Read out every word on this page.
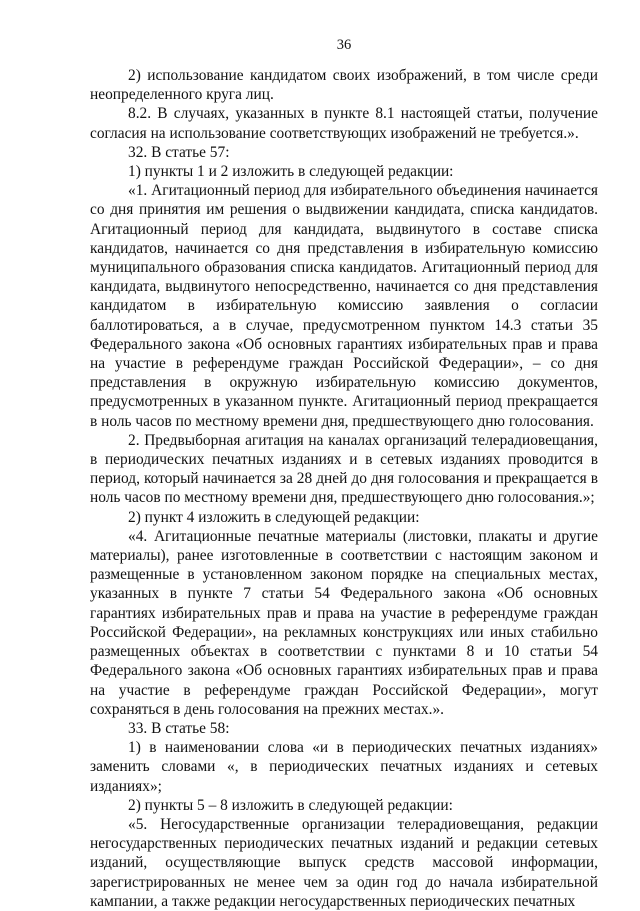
36

2) использование кандидатом своих изображений, в том числе среди неопределенного круга лиц.

8.2. В случаях, указанных в пункте 8.1 настоящей статьи, получение согласия на использование соответствующих изображений не требуется.».

32. В статье 57:

1) пункты 1 и 2 изложить в следующей редакции:

«1. Агитационный период для избирательного объединения начинается со дня принятия им решения о выдвижении кандидата, списка кандидатов. Агитационный период для кандидата, выдвинутого в составе списка кандидатов, начинается со дня представления в избирательную комиссию муниципального образования списка кандидатов. Агитационный период для кандидата, выдвинутого непосредственно, начинается со дня представления кандидатом в избирательную комиссию заявления о согласии баллотироваться, а в случае, предусмотренном пунктом 14.3 статьи 35 Федерального закона «Об основных гарантиях избирательных прав и права на участие в референдуме граждан Российской Федерации», – со дня представления в окружную избирательную комиссию документов, предусмотренных в указанном пункте. Агитационный период прекращается в ноль часов по местному времени дня, предшествующего дню голосования.

2. Предвыборная агитация на каналах организаций телерадиовещания, в периодических печатных изданиях и в сетевых изданиях проводится в период, который начинается за 28 дней до дня голосования и прекращается в ноль часов по местному времени дня, предшествующего дню голосования.»;

2) пункт 4 изложить в следующей редакции:

«4. Агитационные печатные материалы (листовки, плакаты и другие материалы), ранее изготовленные в соответствии с настоящим законом и размещенные в установленном законом порядке на специальных местах, указанных в пункте 7 статьи 54 Федерального закона «Об основных гарантиях избирательных прав и права на участие в референдуме граждан Российской Федерации», на рекламных конструкциях или иных стабильно размещенных объектах в соответствии с пунктами 8 и 10 статьи 54 Федерального закона «Об основных гарантиях избирательных прав и права на участие в референдуме граждан Российской Федерации», могут сохраняться в день голосования на прежних местах.».

33. В статье 58:

1) в наименовании слова «и в периодических печатных изданиях» заменить словами «, в периодических печатных изданиях и сетевых изданиях»;

2) пункты 5 – 8 изложить в следующей редакции:

«5. Негосударственные организации телерадиовещания, редакции негосударственных периодических печатных изданий и редакции сетевых изданий, осуществляющие выпуск средств массовой информации, зарегистрированных не менее чем за один год до начала избирательной кампании, а также редакции негосударственных периодических печатных
